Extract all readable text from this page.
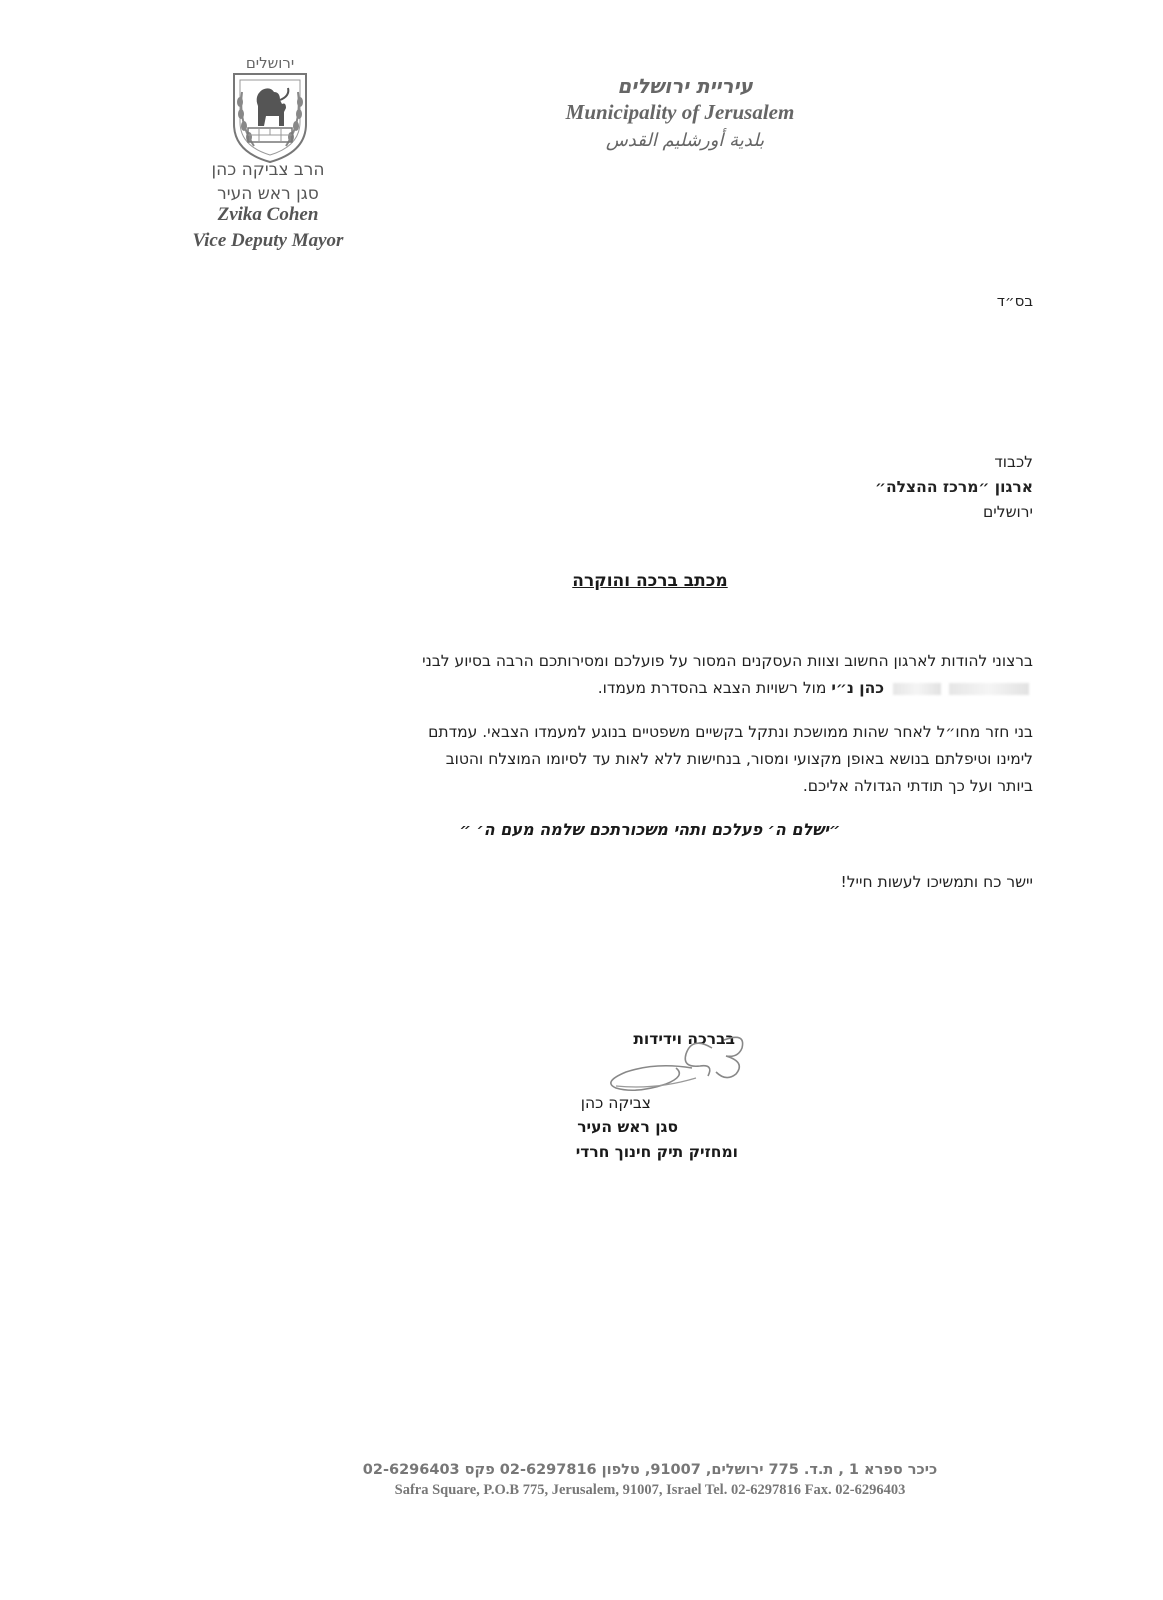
ירושלים
הרב צביקה כהן
סגן ראש העיר
Zvika Cohen
Vice Deputy Mayor
עיריית ירושלים
Municipality of Jerusalem
بلدية أورشليم القدس
בס״ד
לכבוד
ארגון ״מרכז ההצלה״
ירושלים
מכתב ברכה והוקרה
ברצוני להודות לארגון החשוב וצוות העסקנים המסור על פועלכם ומסירותכם הרבה בסיוע לבני
כהן נ״י מול רשויות הצבא בהסדרת מעמדו.
בני חזר מחו״ל לאחר שהות ממושכת ונתקל בקשיים משפטיים בנוגע למעמדו הצבאי. עמדתם
לימינו וטיפלתם בנושא באופן מקצועי ומסור, בנחישות ללא לאות עד לסיומו המוצלח והטוב
ביותר ועל כך תודתי הגדולה אליכם.
״ישלם ה׳ פעלכם ותהי משכורתכם שלמה מעם ה׳ ״
יישר כח ותמשיכו לעשות חייל!
בברכה וידידות
צביקה כהן
סגן ראש העיר
ומחזיק תיק חינוך חרדי
כיכר ספרא 1 , ת.ד. 775 ירושלים, 91007, טלפון 02-6297816 פקס 02-6296403
Safra Square, P.O.B 775, Jerusalem, 91007, Israel Tel. 02-6297816 Fax. 02-6296403
